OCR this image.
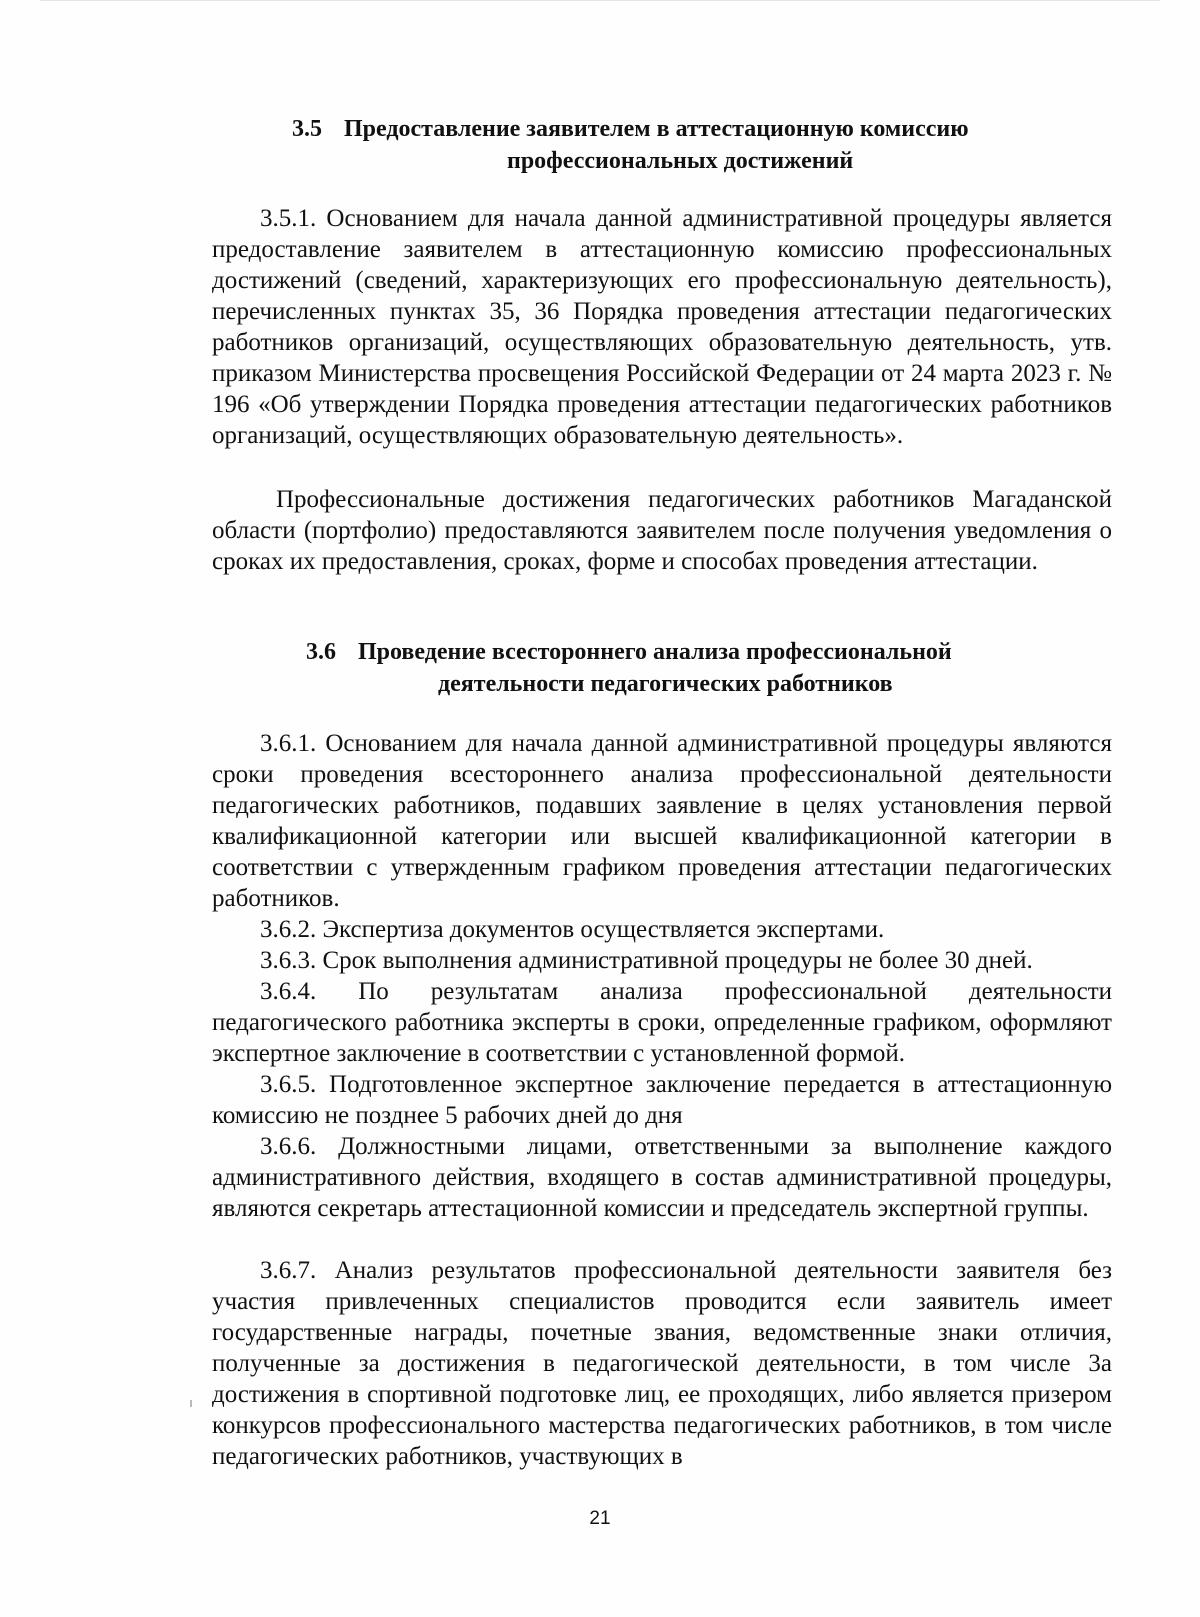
3.5 Предоставление заявителем в аттестационную комиссию
профессиональных достижений

3.5.1. Основанием для начала данной административной процедуры является предоставление заявителем в аттестационную комиссию профессиональных достижений (сведений, характеризующих его профессиональную деятельность), перечисленных пунктах 35, 36 Порядка проведения аттестации педагогических работников организаций, осуществляющих образовательную деятельность, утв. приказом Министерства просвещения Российской Федерации от 24 марта 2023 г. № 196 «Об утверждении Порядка проведения аттестации педагогических работников организаций, осуществляющих образовательную деятельность».

Профессиональные достижения педагогических работников Магаданской области (портфолио) предоставляются заявителем после получения уведомления о сроках их предоставления, сроках, форме и способах проведения аттестации.

3.6 Проведение всестороннего анализа профессиональной
деятельности педагогических работников

3.6.1. Основанием для начала данной административной процедуры являются сроки проведения всестороннего анализа профессиональной деятельности педагогических работников, подавших заявление в целях установления первой квалификационной категории или высшей квалификационной категории в соответствии с утвержденным графиком проведения аттестации педагогических работников.

3.6.2. Экспертиза документов осуществляется экспертами.

3.6.3. Срок выполнения административной процедуры не более 30 дней.

3.6.4. По результатам анализа профессиональной деятельности педагогического работника эксперты в сроки, определенные графиком, оформляют экспертное заключение в соответствии с установленной формой.

3.6.5. Подготовленное экспертное заключение передается в аттестационную комиссию не позднее 5 рабочих дней до дня

3.6.6. Должностными лицами, ответственными за выполнение каждого административного действия, входящего в состав административной процедуры, являются секретарь аттестационной комиссии и председатель экспертной группы.

3.6.7. Анализ результатов профессиональной деятельности заявителя без участия привлеченных специалистов проводится если заявитель имеет государственные награды, почетные звания, ведомственные знаки отличия, полученные за достижения в педагогической деятельности, в том числе 3а достижения в спортивной подготовке лиц, ее проходящих, либо является призером конкурсов профессионального мастерства педагогических работников, в том числе педагогических работников, участвующих в

21
